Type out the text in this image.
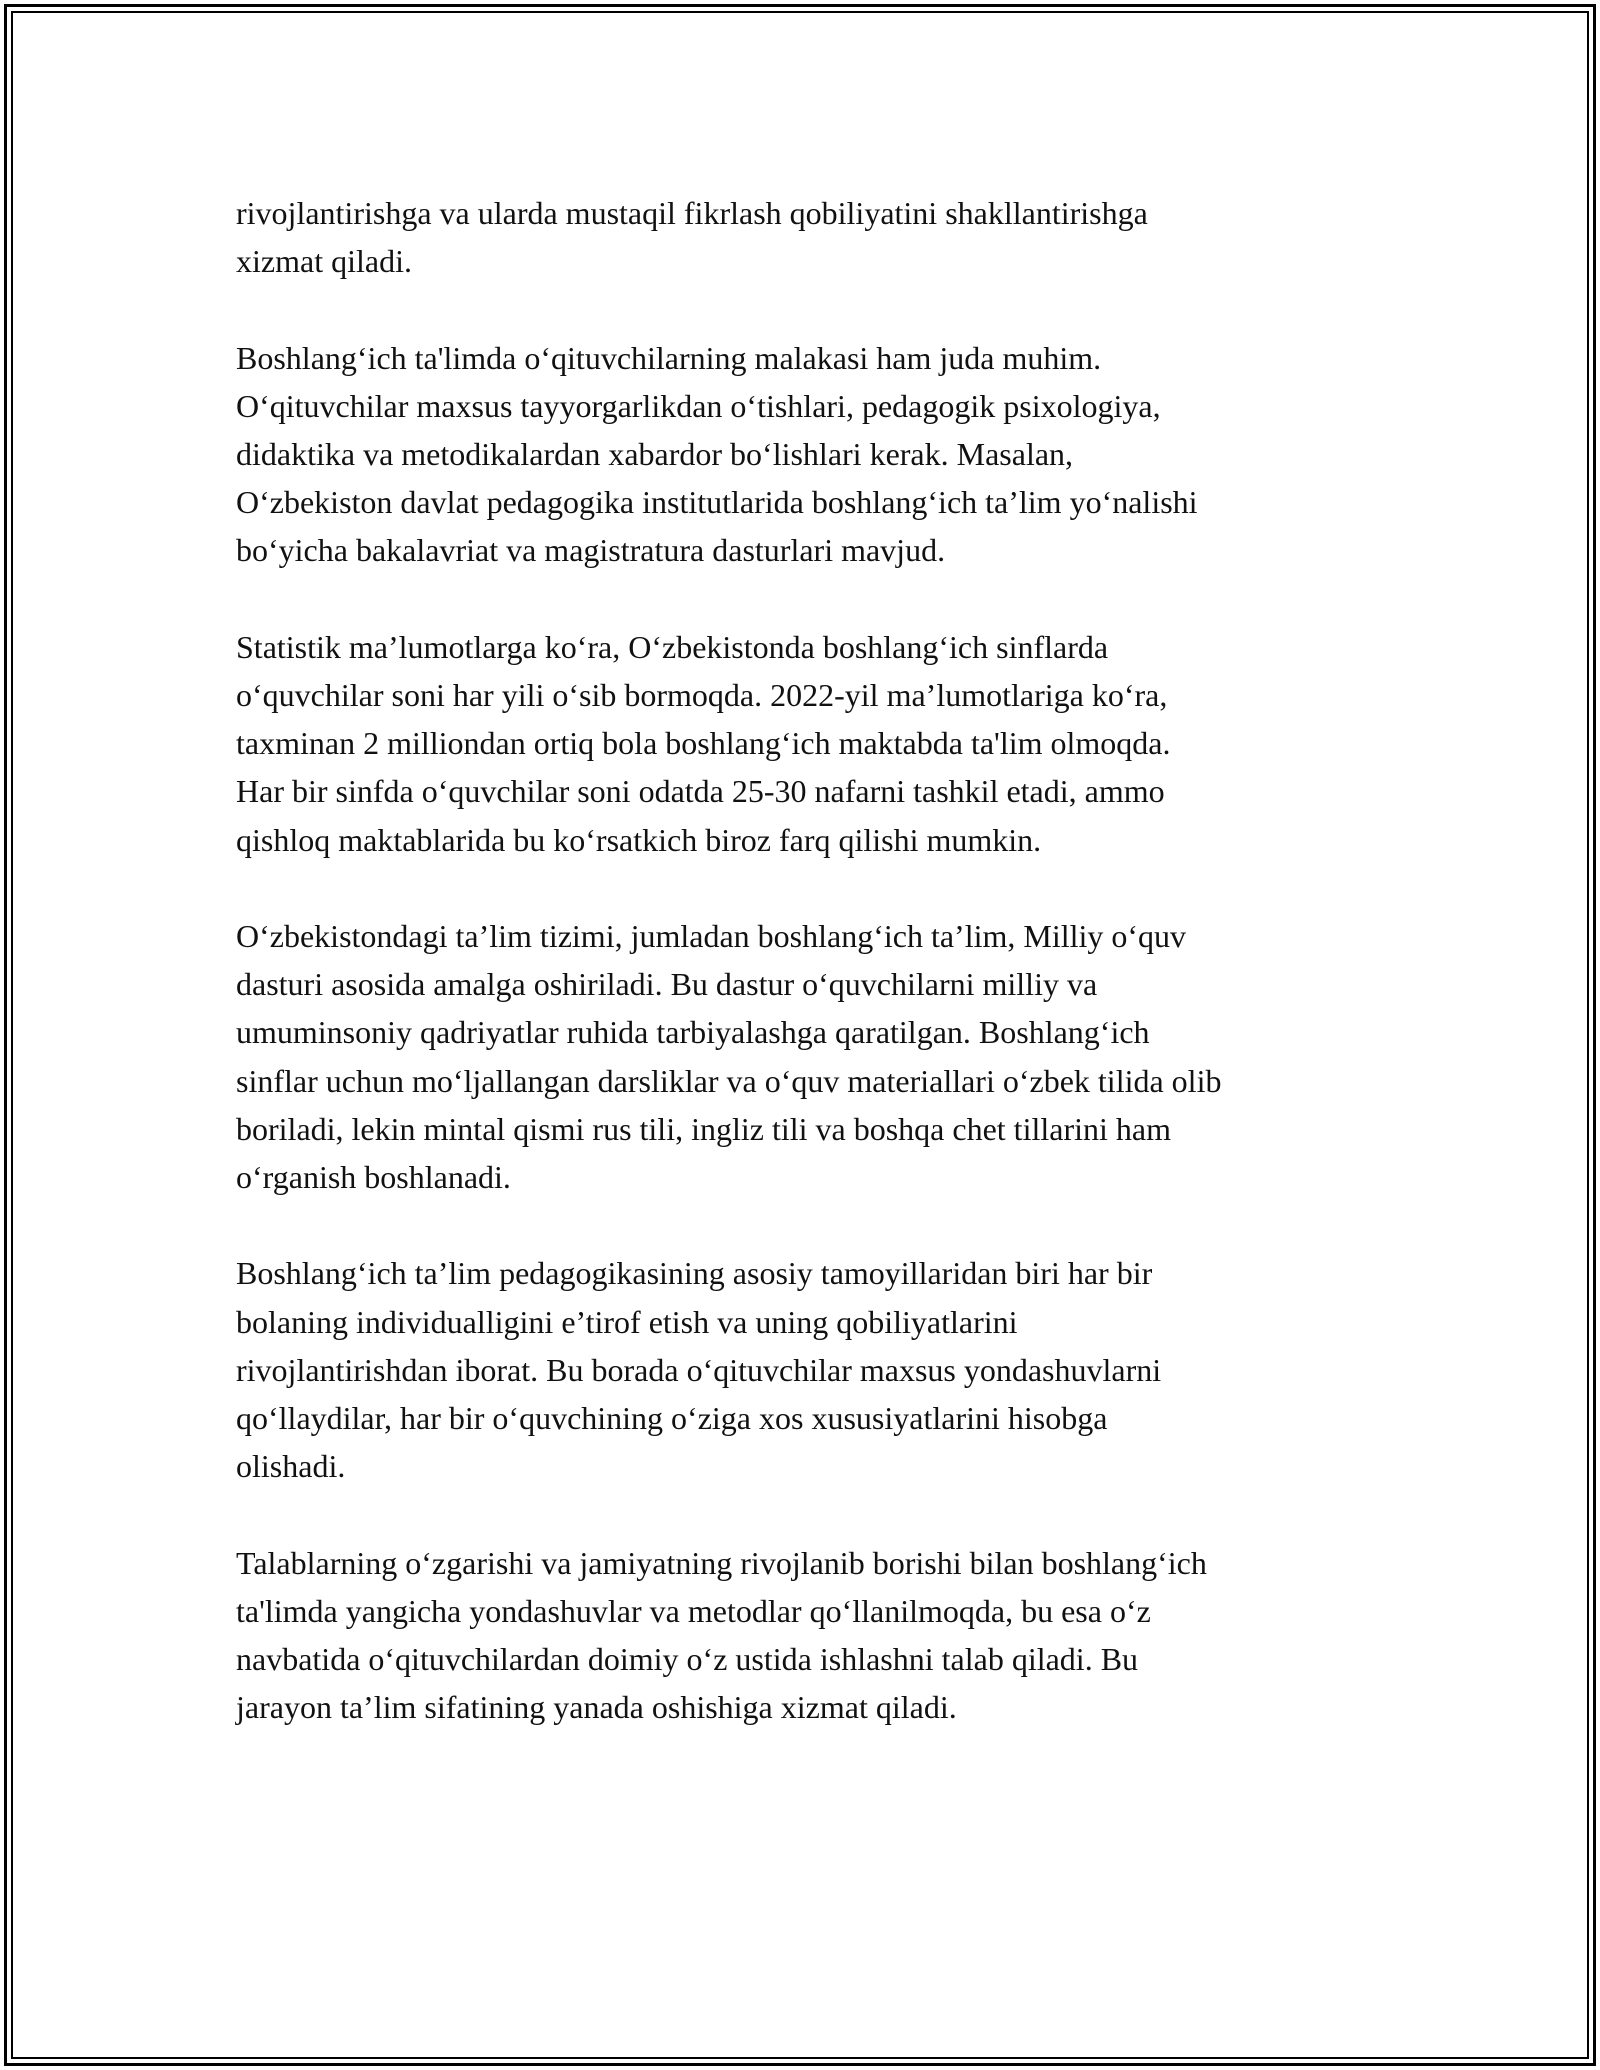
rivojlantirishga va ularda mustaqil fikrlash qobiliyatini shakllantirishga
xizmat qiladi.

Boshlang‘ich ta'limda o‘qituvchilarning malakasi ham juda muhim.
O‘qituvchilar maxsus tayyorgarlikdan o‘tishlari, pedagogik psixologiya,
didaktika va metodikalardan xabardor bo‘lishlari kerak. Masalan,
O‘zbekiston davlat pedagogika institutlarida boshlang‘ich ta’lim yo‘nalishi
bo‘yicha bakalavriat va magistratura dasturlari mavjud.

Statistik ma’lumotlarga ko‘ra, O‘zbekistonda boshlang‘ich sinflarda
o‘quvchilar soni har yili o‘sib bormoqda. 2022-yil ma’lumotlariga ko‘ra,
taxminan 2 milliondan ortiq bola boshlang‘ich maktabda ta'lim olmoqda.
Har bir sinfda o‘quvchilar soni odatda 25-30 nafarni tashkil etadi, ammo
qishloq maktablarida bu ko‘rsatkich biroz farq qilishi mumkin.

O‘zbekistondagi ta’lim tizimi, jumladan boshlang‘ich ta’lim, Milliy o‘quv
dasturi asosida amalga oshiriladi. Bu dastur o‘quvchilarni milliy va
umuminsoniy qadriyatlar ruhida tarbiyalashga qaratilgan. Boshlang‘ich
sinflar uchun mo‘ljallangan darsliklar va o‘quv materiallari o‘zbek tilida olib
boriladi, lekin mintal qismi rus tili, ingliz tili va boshqa chet tillarini ham
o‘rganish boshlanadi.

Boshlang‘ich ta’lim pedagogikasining asosiy tamoyillaridan biri har bir
bolaning individualligini e’tirof etish va uning qobiliyatlarini
rivojlantirishdan iborat. Bu borada o‘qituvchilar maxsus yondashuvlarni
qo‘llaydilar, har bir o‘quvchining o‘ziga xos xususiyatlarini hisobga
olishadi.

Talablarning o‘zgarishi va jamiyatning rivojlanib borishi bilan boshlang‘ich
ta'limda yangicha yondashuvlar va metodlar qo‘llanilmoqda, bu esa o‘z
navbatida o‘qituvchilardan doimiy o‘z ustida ishlashni talab qiladi. Bu
jarayon ta’lim sifatining yanada oshishiga xizmat qiladi.
